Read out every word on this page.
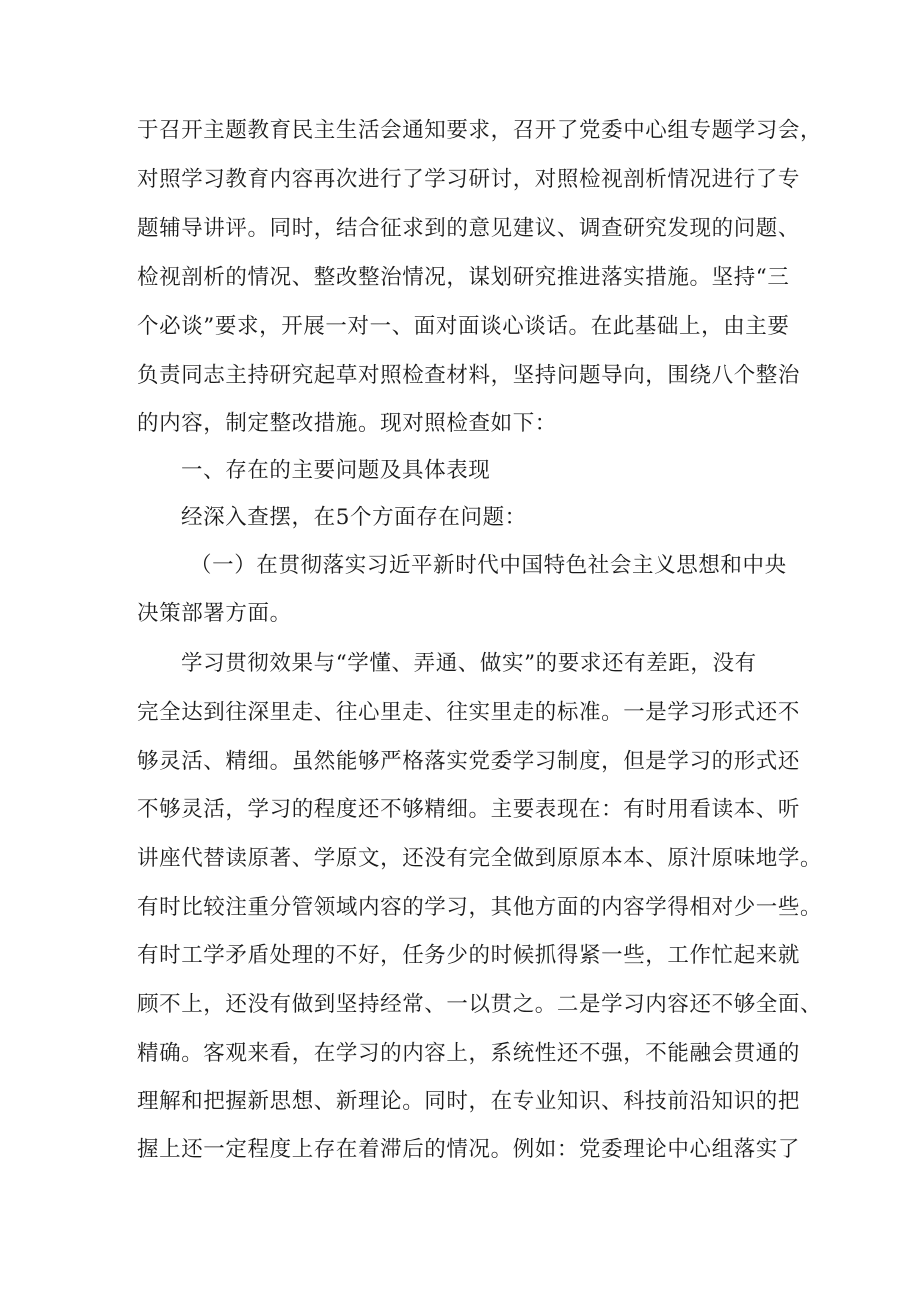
于召开主题教育民主生活会通知要求，召开了党委中心组专题学习会，
对照学习教育内容再次进行了学习研讨，对照检视剖析情况进行了专
题辅导讲评。同时，结合征求到的意见建议、调查研究发现的问题、
检视剖析的情况、整改整治情况，谋划研究推进落实措施。坚持“三
个必谈”要求，开展一对一、面对面谈心谈话。在此基础上，由主要
负责同志主持研究起草对照检查材料，坚持问题导向，围绕八个整治
的内容，制定整改措施。现对照检查如下：
一、存在的主要问题及具体表现
经深入查摆，在5个方面存在问题：
（一）在贯彻落实习近平新时代中国特色社会主义思想和中央
决策部署方面。
学习贯彻效果与“学懂、弄通、做实”的要求还有差距，没有
完全达到往深里走、往心里走、往实里走的标准。一是学习形式还不
够灵活、精细。虽然能够严格落实党委学习制度，但是学习的形式还
不够灵活，学习的程度还不够精细。主要表现在：有时用看读本、听
讲座代替读原著、学原文，还没有完全做到原原本本、原汁原味地学。
有时比较注重分管领域内容的学习，其他方面的内容学得相对少一些。
有时工学矛盾处理的不好，任务少的时候抓得紧一些，工作忙起来就
顾不上，还没有做到坚持经常、一以贯之。二是学习内容还不够全面、
精确。客观来看，在学习的内容上，系统性还不强，不能融会贯通的
理解和把握新思想、新理论。同时，在专业知识、科技前沿知识的把
握上还一定程度上存在着滞后的情况。例如：党委理论中心组落实了
